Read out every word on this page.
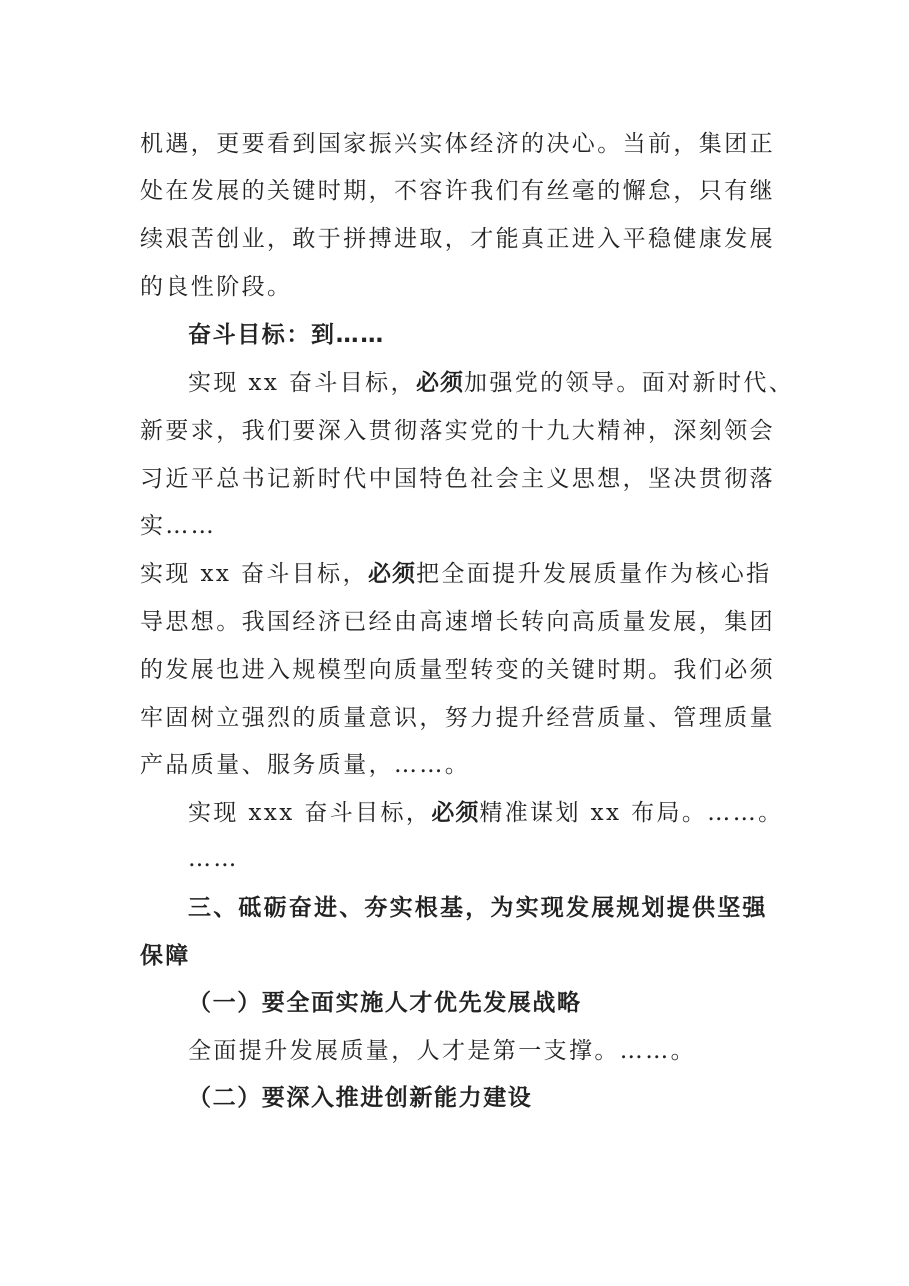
机遇，更要看到国家振兴实体经济的决心。当前，集团正
处在发展的关键时期，不容许我们有丝毫的懈怠，只有继
续艰苦创业，敢于拼搏进取，才能真正进入平稳健康发展
的良性阶段。
奋斗目标：到……
实现 xx 奋斗目标，必须加强党的领导。面对新时代、
新要求，我们要深入贯彻落实党的十九大精神，深刻领会
习近平总书记新时代中国特色社会主义思想，坚决贯彻落
实……
实现 xx 奋斗目标，必须把全面提升发展质量作为核心指
导思想。我国经济已经由高速增长转向高质量发展，集团
的发展也进入规模型向质量型转变的关键时期。我们必须
牢固树立强烈的质量意识，努力提升经营质量、管理质量
产品质量、服务质量，……。
实现 xxx 奋斗目标，必须精准谋划 xx 布局。……。
……
三、砥砺奋进、夯实根基，为实现发展规划提供坚强
保障
（一）要全面实施人才优先发展战略
全面提升发展质量，人才是第一支撑。……。
（二）要深入推进创新能力建设
